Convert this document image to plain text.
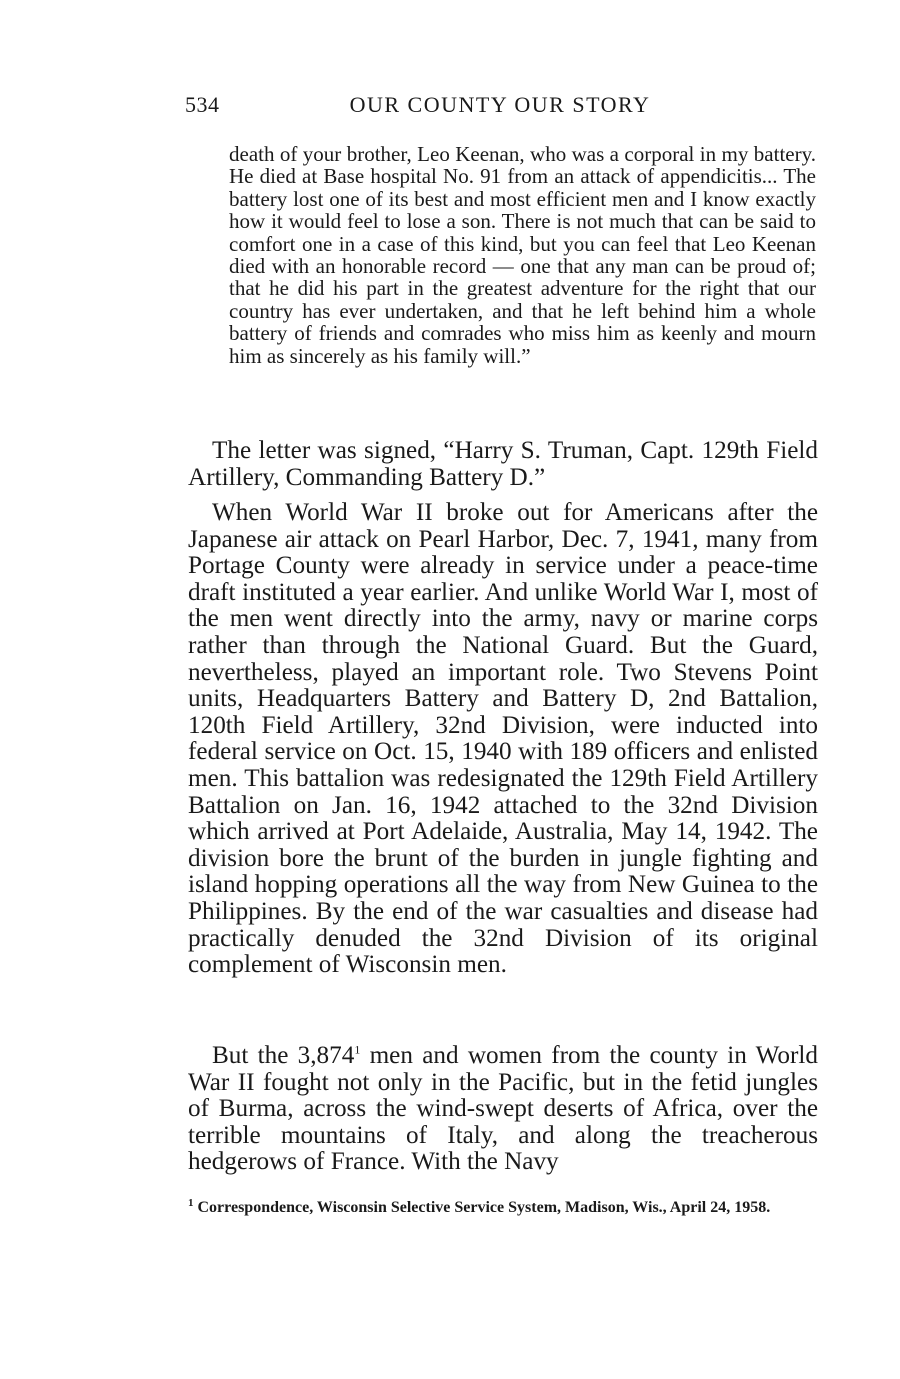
534	OUR COUNTY OUR STORY
death of your brother, Leo Keenan, who was a corporal in my battery. He died at Base hospital No. 91 from an attack of appendicitis... The battery lost one of its best and most efficient men and I know exactly how it would feel to lose a son. There is not much that can be said to comfort one in a case of this kind, but you can feel that Leo Keenan died with an honorable record — one that any man can be proud of; that he did his part in the greatest adventure for the right that our country has ever undertaken, and that he left behind him a whole battery of friends and comrades who miss him as keenly and mourn him as sincerely as his family will.”

The letter was signed, “Harry S. Truman, Capt. 129th Field Artillery, Commanding Battery D.”

When World War II broke out for Americans after the Japanese air attack on Pearl Harbor, Dec. 7, 1941, many from Portage County were already in service under a peace-time draft instituted a year earlier. And unlike World War I, most of the men went directly into the army, navy or marine corps rather than through the National Guard. But the Guard, nevertheless, played an important role. Two Stevens Point units, Headquarters Battery and Battery D, 2nd Battalion, 120th Field Artillery, 32nd Division, were inducted into federal service on Oct. 15, 1940 with 189 officers and enlisted men. This battalion was redesignated the 129th Field Artillery Battalion on Jan. 16, 1942 attached to the 32nd Division which arrived at Port Adelaide, Australia, May 14, 1942. The division bore the brunt of the burden in jungle fighting and island hopping operations all the way from New Guinea to the Philippines. By the end of the war casualties and disease had practically denuded the 32nd Division of its original complement of Wisconsin men.

But the 3,874$^1$ men and women from the county in World War II fought not only in the Pacific, but in the fetid jungles of Burma, across the wind-swept deserts of Africa, over the terrible mountains of Italy, and along the treacherous hedgerows of France. With the Navy

$^1$ Correspondence, Wisconsin Selective Service System, Madison, Wis., April 24, 1958.
